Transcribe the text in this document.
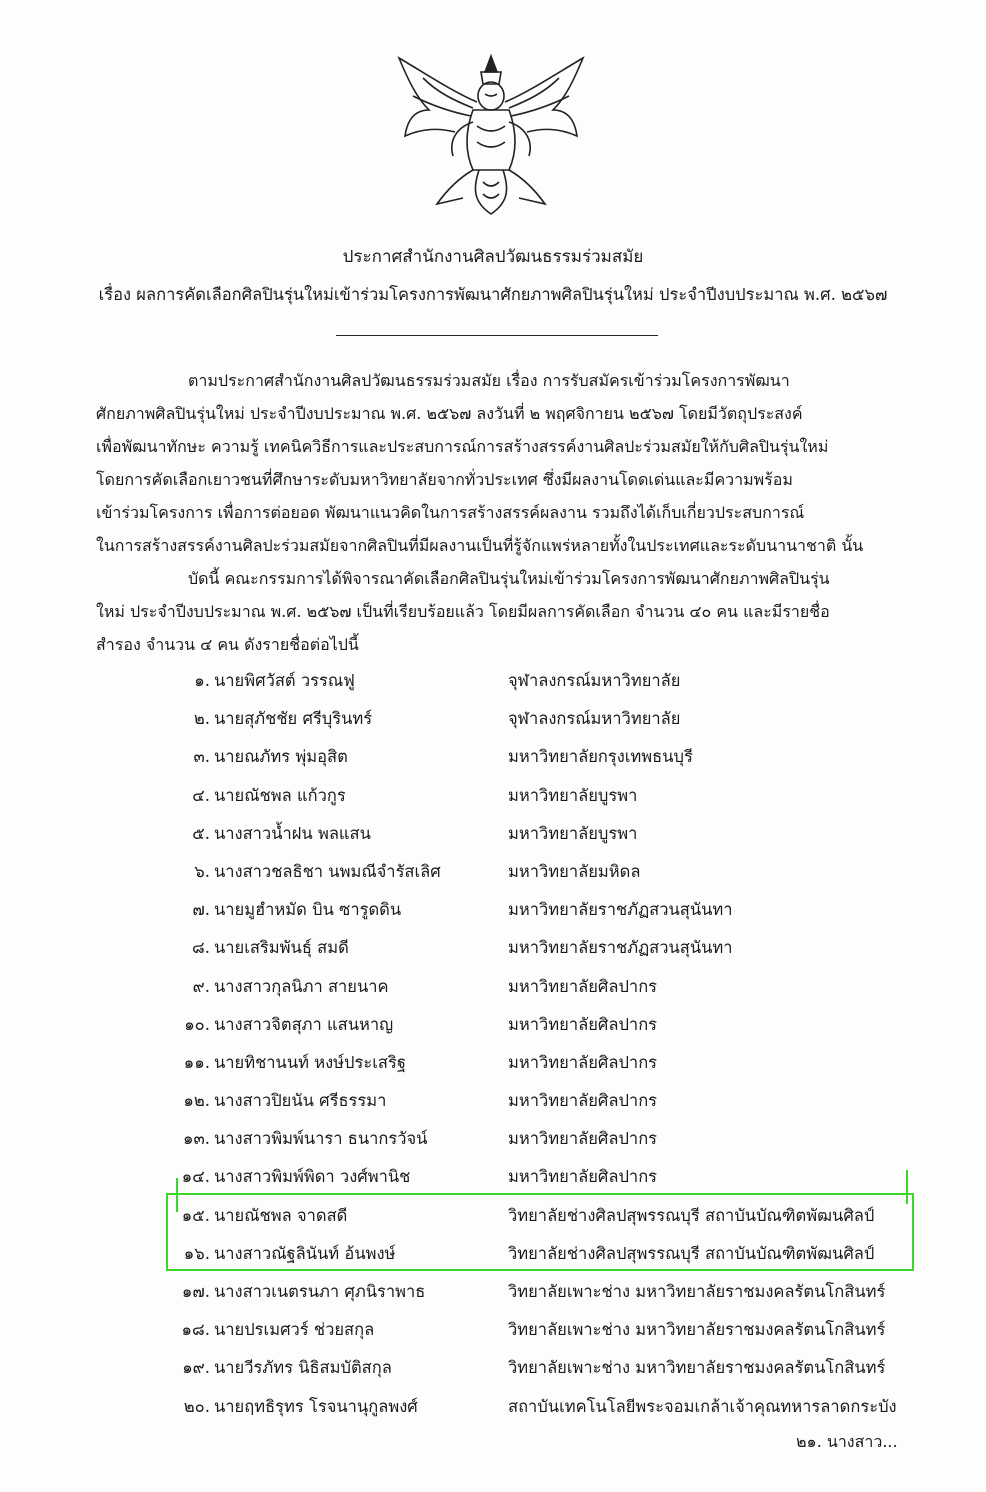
ประกาศสำนักงานศิลปวัฒนธรรมร่วมสมัย
เรื่อง ผลการคัดเลือกศิลปินรุ่นใหม่เข้าร่วมโครงการพัฒนาศักยภาพศิลปินรุ่นใหม่ ประจำปีงบประมาณ พ.ศ. ๒๕๖๗
ตามประกาศสำนักงานศิลปวัฒนธรรมร่วมสมัย เรื่อง การรับสมัครเข้าร่วมโครงการพัฒนา
ศักยภาพศิลปินรุ่นใหม่ ประจำปีงบประมาณ พ.ศ. ๒๕๖๗ ลงวันที่ ๒ พฤศจิกายน ๒๕๖๗ โดยมีวัตถุประสงค์
เพื่อพัฒนาทักษะ ความรู้ เทคนิควิธีการและประสบการณ์การสร้างสรรค์งานศิลปะร่วมสมัยให้กับศิลปินรุ่นใหม่
โดยการคัดเลือกเยาวชนที่ศึกษาระดับมหาวิทยาลัยจากทั่วประเทศ ซึ่งมีผลงานโดดเด่นและมีความพร้อม
เข้าร่วมโครงการ เพื่อการต่อยอด พัฒนาแนวคิดในการสร้างสรรค์ผลงาน รวมถึงได้เก็บเกี่ยวประสบการณ์
ในการสร้างสรรค์งานศิลปะร่วมสมัยจากศิลปินที่มีผลงานเป็นที่รู้จักแพร่หลายทั้งในประเทศและระดับนานาชาติ นั้น
บัดนี้ คณะกรรมการได้พิจารณาคัดเลือกศิลปินรุ่นใหม่เข้าร่วมโครงการพัฒนาศักยภาพศิลปินรุ่น
ใหม่ ประจำปีงบประมาณ พ.ศ. ๒๕๖๗ เป็นที่เรียบร้อยแล้ว โดยมีผลการคัดเลือก จำนวน ๔๐ คน และมีรายชื่อ
สำรอง จำนวน ๔ คน ดังรายชื่อต่อไปนี้
๑. นายพิศวัสต์ วรรณฟู	จุฬาลงกรณ์มหาวิทยาลัย
๒. นายสุภัชชัย ศรีบุรินทร์	จุฬาลงกรณ์มหาวิทยาลัย
๓. นายณภัทร พุ่มอุสิต	มหาวิทยาลัยกรุงเทพธนบุรี
๔. นายณัชพล แก้วกูร	มหาวิทยาลัยบูรพา
๕. นางสาวน้ำฝน พลแสน	มหาวิทยาลัยบูรพา
๖. นางสาวชลธิชา นพมณีจำรัสเลิศ	มหาวิทยาลัยมหิดล
๗. นายมูฮำหมัด บิน ซารูดดิน	มหาวิทยาลัยราชภัฏสวนสุนันทา
๘. นายเสริมพันธุ์ สมดี	มหาวิทยาลัยราชภัฏสวนสุนันทา
๙. นางสาวกุลนิภา สายนาค	มหาวิทยาลัยศิลปากร
๑๐. นางสาวจิตสุภา แสนหาญ	มหาวิทยาลัยศิลปากร
๑๑. นายทิชานนท์ หงษ์ประเสริฐ	มหาวิทยาลัยศิลปากร
๑๒. นางสาวปิยนัน ศรีธรรมา	มหาวิทยาลัยศิลปากร
๑๓. นางสาวพิมพ์นารา ธนากรวัจน์	มหาวิทยาลัยศิลปากร
๑๔. นางสาวพิมพ์พิดา วงศ์พานิช	มหาวิทยาลัยศิลปากร
๑๕. นายณัชพล จาดสดี	วิทยาลัยช่างศิลปสุพรรณบุรี สถาบันบัณฑิตพัฒนศิลป์
๑๖. นางสาวณัฐลินันท์ อ้นพงษ์	วิทยาลัยช่างศิลปสุพรรณบุรี สถาบันบัณฑิตพัฒนศิลป์
๑๗. นางสาวเนตรนภา ศุภนิราพาธ	วิทยาลัยเพาะช่าง มหาวิทยาลัยราชมงคลรัตนโกสินทร์
๑๘. นายปรเมศวร์ ช่วยสกุล	วิทยาลัยเพาะช่าง มหาวิทยาลัยราชมงคลรัตนโกสินทร์
๑๙. นายวีรภัทร นิธิสมบัติสกุล	วิทยาลัยเพาะช่าง มหาวิทยาลัยราชมงคลรัตนโกสินทร์
๒๐. นายฤทธิรุทร โรจนานุกูลพงศ์	สถาบันเทคโนโลยีพระจอมเกล้าเจ้าคุณทหารลาดกระบัง
๒๑. นางสาว...
